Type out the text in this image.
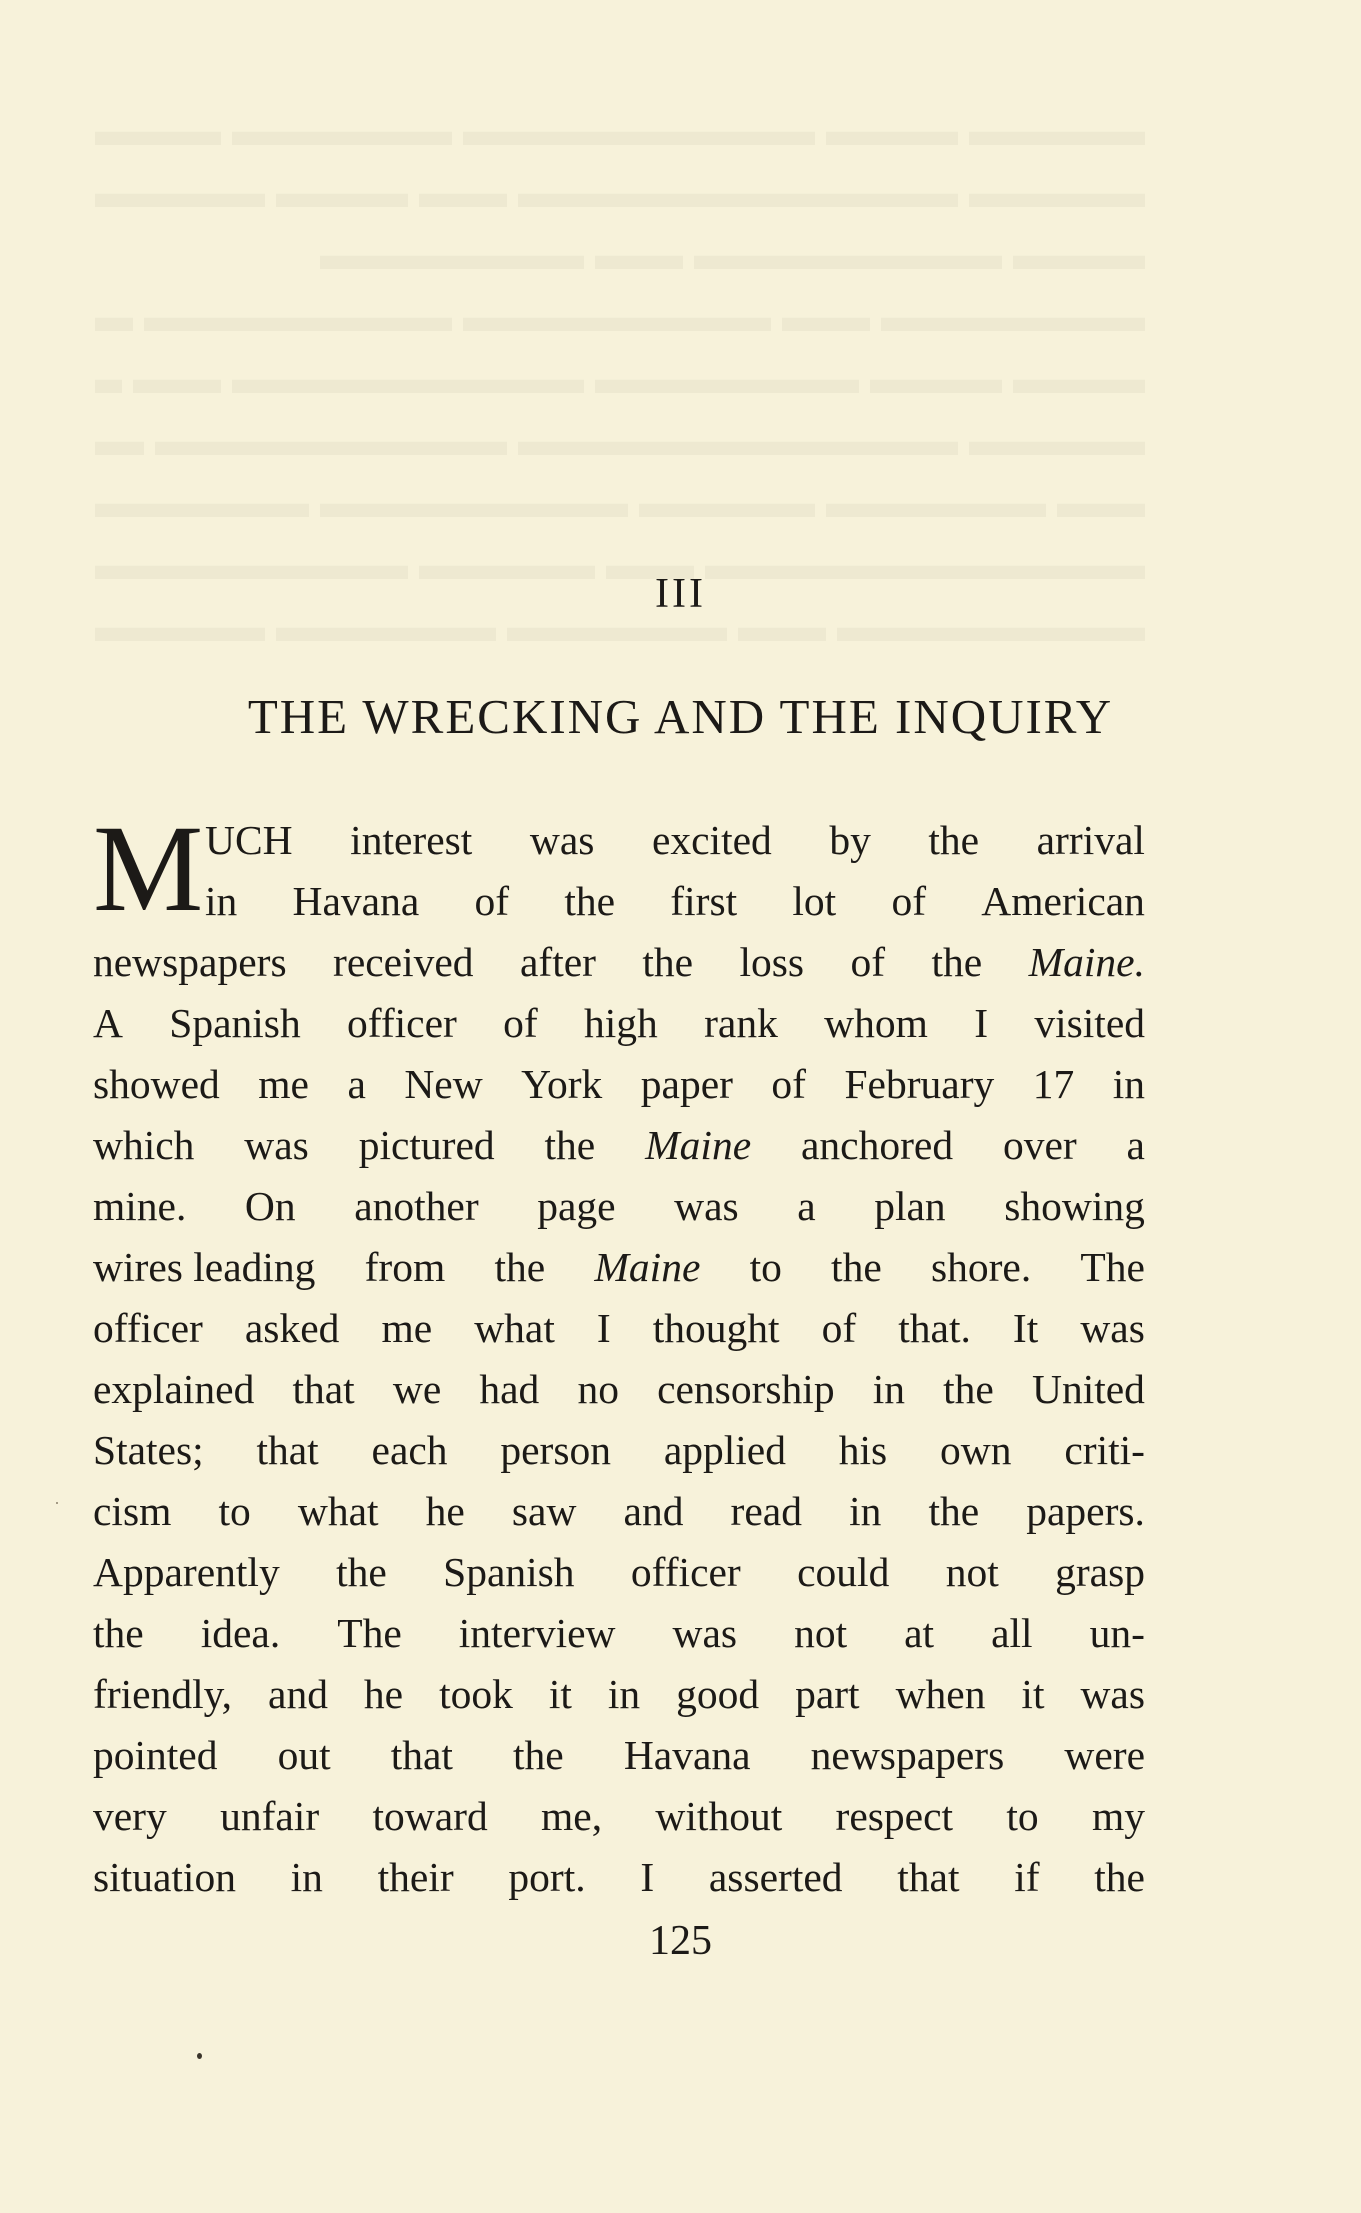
III
THE WRECKING AND THE INQUIRY
M UCH interest was excited by the arrival
in Havana of the first lot of American
newspapers received after the loss of the Maine.
A Spanish officer of high rank whom I visited
showed me a New York paper of February 17 in
which was pictured the Maine anchored over a
mine. On another page was a plan showing
wires leading from the Maine to the shore. The
officer asked me what I thought of that. It was
explained that we had no censorship in the United
States; that each person applied his own criti-
cism to what he saw and read in the papers.
Apparently the Spanish officer could not grasp
the idea. The interview was not at all un-
friendly, and he took it in good part when it was
pointed out that the Havana newspapers were
very unfair toward me, without respect to my
situation in their port. I asserted that if the
125
